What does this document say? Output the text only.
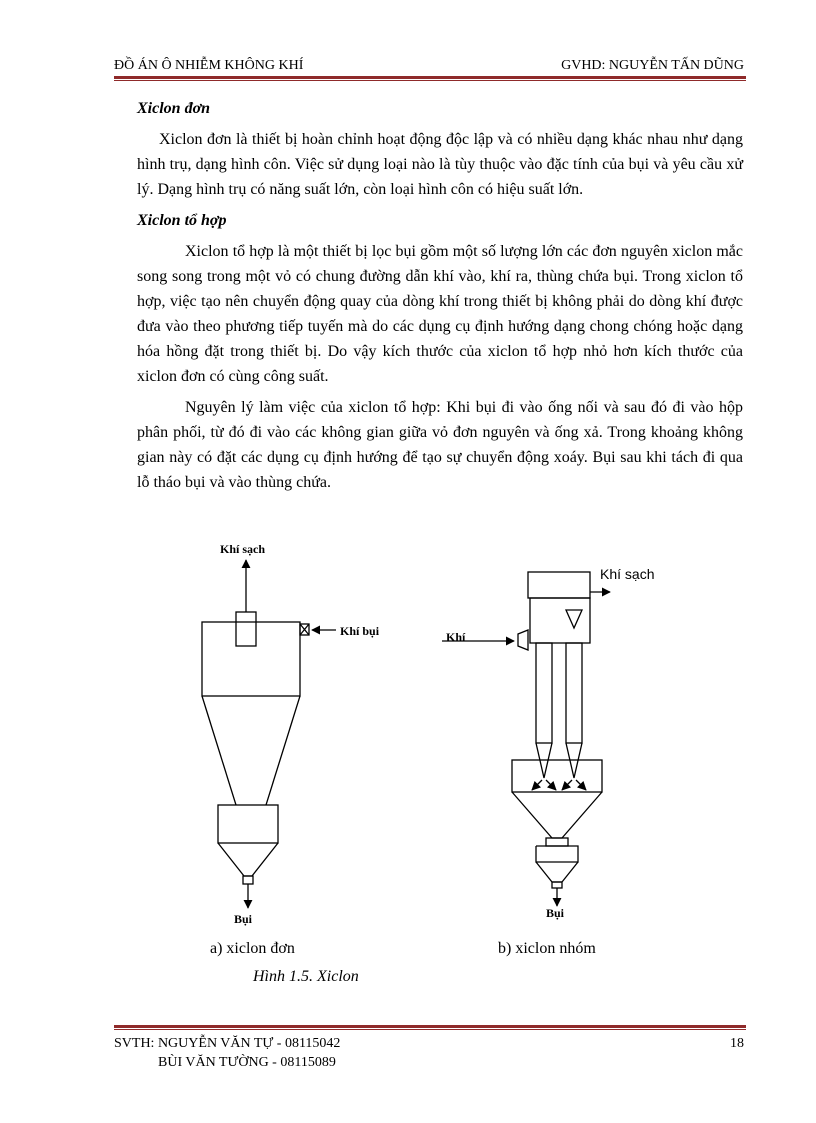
ĐỒ ÁN Ô NHIỄM KHÔNG KHÍ	GVHD: NGUYỄN TẤN DŨNG

Xiclon đơn

Xiclon đơn là thiết bị hoàn chỉnh hoạt động độc lập và có nhiều dạng khác nhau như dạng hình trụ, dạng hình côn. Việc sử dụng loại nào là tùy thuộc vào đặc tính của bụi và yêu cầu xử lý. Dạng hình trụ có năng suất lớn, còn loại hình côn có hiệu suất lớn.

Xiclon tổ hợp

Xiclon tổ hợp là một thiết bị lọc bụi gồm một số lượng lớn các đơn nguyên xiclon mắc song song trong một vỏ có chung đường dẫn khí vào, khí ra, thùng chứa bụi. Trong xiclon tổ hợp, việc tạo nên chuyển động quay của dòng khí trong thiết bị không phải do dòng khí được đưa vào theo phương tiếp tuyến mà do các dụng cụ định hướng dạng chong chóng hoặc dạng hóa hồng đặt trong thiết bị. Do vậy kích thước của xiclon tổ hợp nhỏ hơn kích thước của xiclon đơn có cùng công suất.

Nguyên lý làm việc của xiclon tổ hợp: Khi bụi đi vào ống nối và sau đó đi vào hộp phân phối, từ đó đi vào các không gian giữa vỏ đơn nguyên và ống xả. Trong khoảng không gian này có đặt các dụng cụ định hướng để tạo sự chuyển động xoáy. Bụi sau khi tách đi qua lỗ tháo bụi và vào thùng chứa.

Khí sạch
Khí bụi
Bụi
a) xiclon đơn
Khí sạch
Khí
Bụi
b) xiclon nhóm
Hình 1.5. Xiclon
SVTH: NGUYỄN VĂN TỰ - 08115042	18
BÙI VĂN TƯỜNG - 08115089
